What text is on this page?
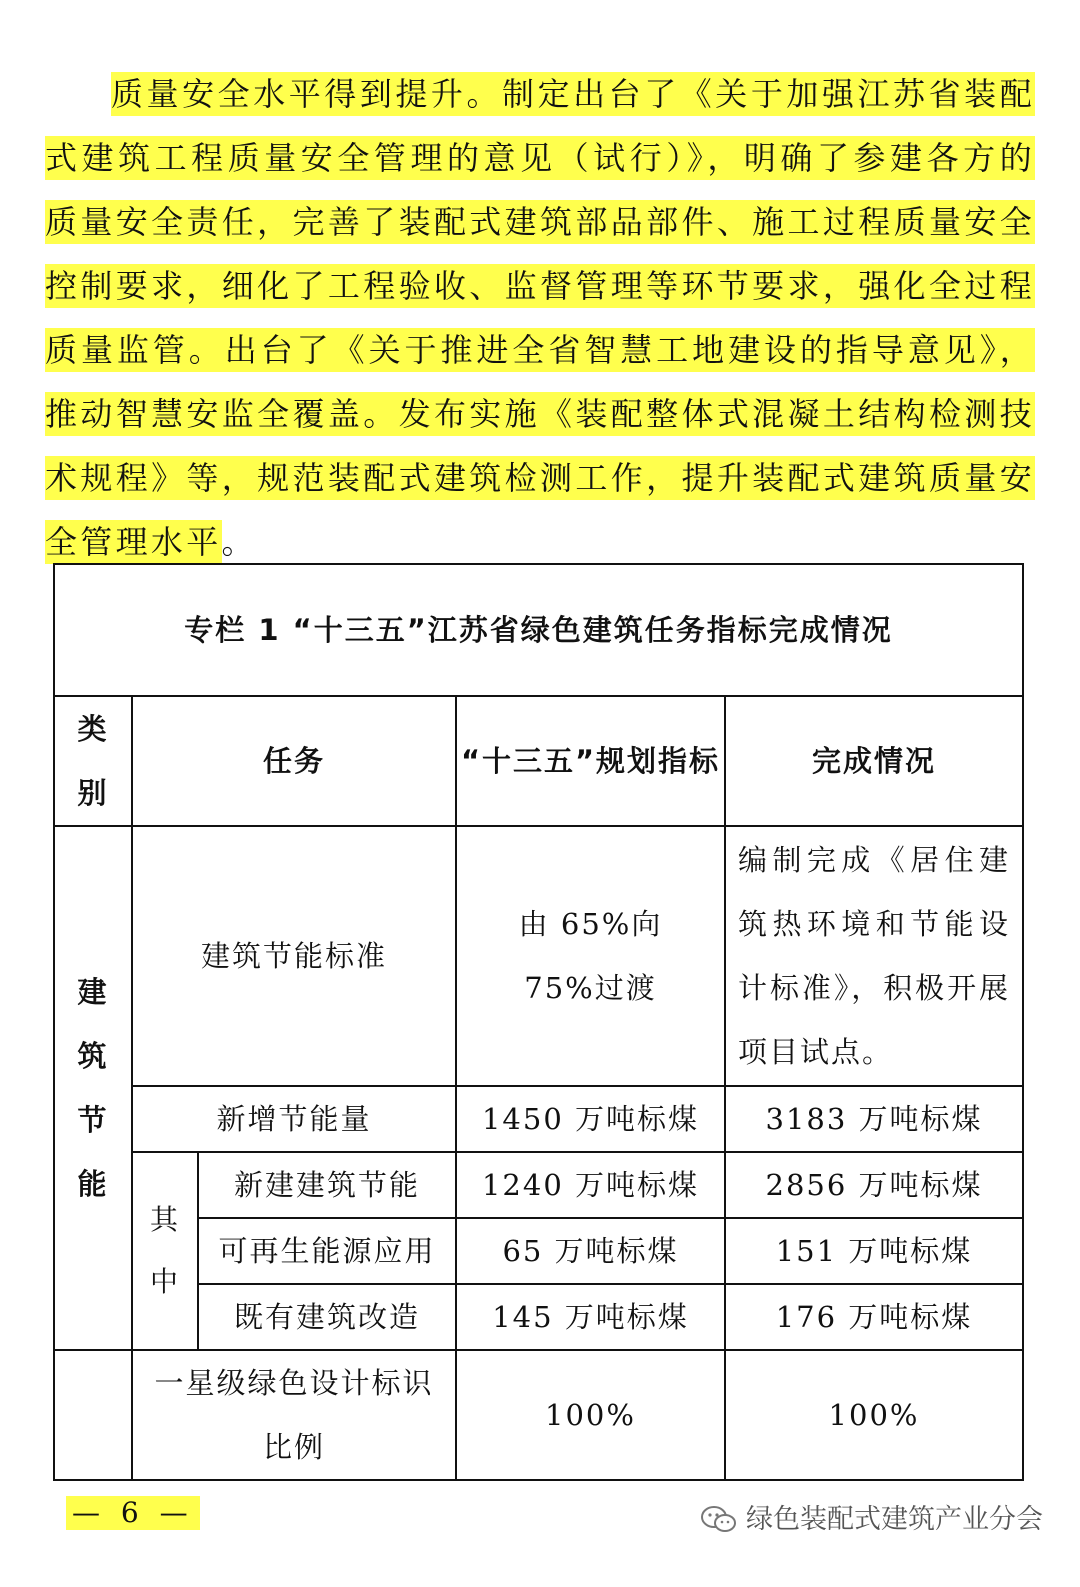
质量安全水平得到提升。制定出台了《关于加强江苏省装配式建筑工程质量安全管理的意见（试行）》，明确了参建各方的质量安全责任，完善了装配式建筑部品部件、施工过程质量安全控制要求，细化了工程验收、监督管理等环节要求，强化全过程质量监管。出台了《关于推进全省智慧工地建设的指导意见》，推动智慧安监全覆盖。发布实施《装配整体式混凝土结构检测技术规程》等，规范装配式建筑检测工作，提升装配式建筑质量安全管理水平。
专栏 1 “十三五”江苏省绿色建筑任务指标完成情况				
类别	任务		“十三五”规划指标	完成情况
建筑节能	建筑节能标准		由 65%向 75%过渡	编制完成《居住建筑热环境和节能设计标准》，积极开展项目试点。

	新增节能量		1450 万吨标煤	3183 万吨标煤
	其中	新建建筑节能	1240 万吨标煤	2856 万吨标煤
		可再生能源应用	65 万吨标煤	151 万吨标煤
		既有建筑改造	145 万吨标煤	176 万吨标煤

	一星级绿色设计标识比例		100%	100%
— 6 —	绿色装配式建筑产业分会
